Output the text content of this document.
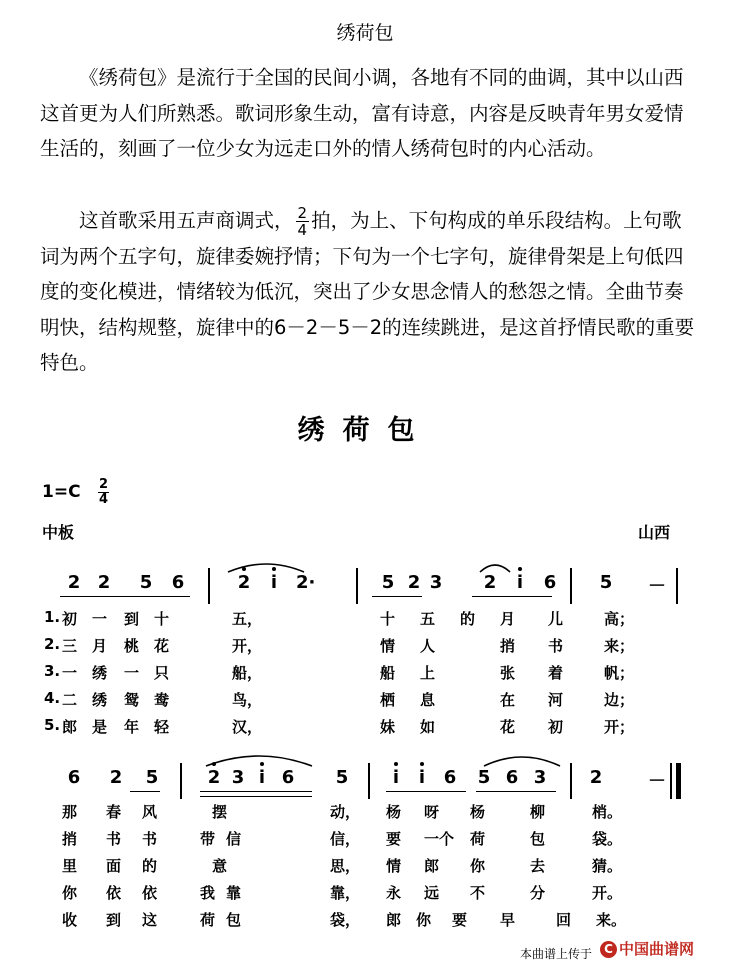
绣荷包
《绣荷包》是流行于全国的民间小调，各地有不同的曲调，其中以山西这首更为人们所熟悉。歌词形象生动，富有诗意，内容是反映青年男女爱情生活的，刻画了一位少女为远走口外的情人绣荷包时的内心活动。
这首歌采用五声商调式， $\frac{2}{4}$ 拍，为上、下句构成的单乐段结构。上句歌词为两个五字句，旋律委婉抒情；下句为一个七字句，旋律骨架是上句低四度的变化模进，情绪较为低沉，突出了少女思念情人的愁怨之情。全曲节奏明快，结构规整，旋律中的6－2－5－2的连续跳进，是这首抒情民歌的重要特色。
绣荷包
$1=C \frac{2}{4}$
中板	山西
2 2 5 6	2 i 2·	5 2 3 2 i 6 5 －
1. 初 一 到 十	五，	十 五 的 月 儿	高；
2. 三 月 桃 花	开，	情 人	捎 书	来；
3. 一 绣 一 只	船，	船 上	张 着	帆；
4. 二 绣 鸳 鸯	鸟，	栖 息	在 河	边；
5. 郎 是 年 轻	汉，	妹 如	花 初	开；
6 2 5	2 3 i 6 5 i i 6 5 6 3 2	－
那 春 风	摆	动， 杨 呀 杨	柳	梢。
捎 书 书	带 信	信， 要 一个 荷	包	袋。
里 面 的	意	思， 情 郎 你	去	猜。
你 依 依	我 靠	靠， 永 远 不	分	开。
收 到 这	荷 包	袋， 郎 你 要 早	回 来。
本曲谱上传于	C 中国曲谱网
